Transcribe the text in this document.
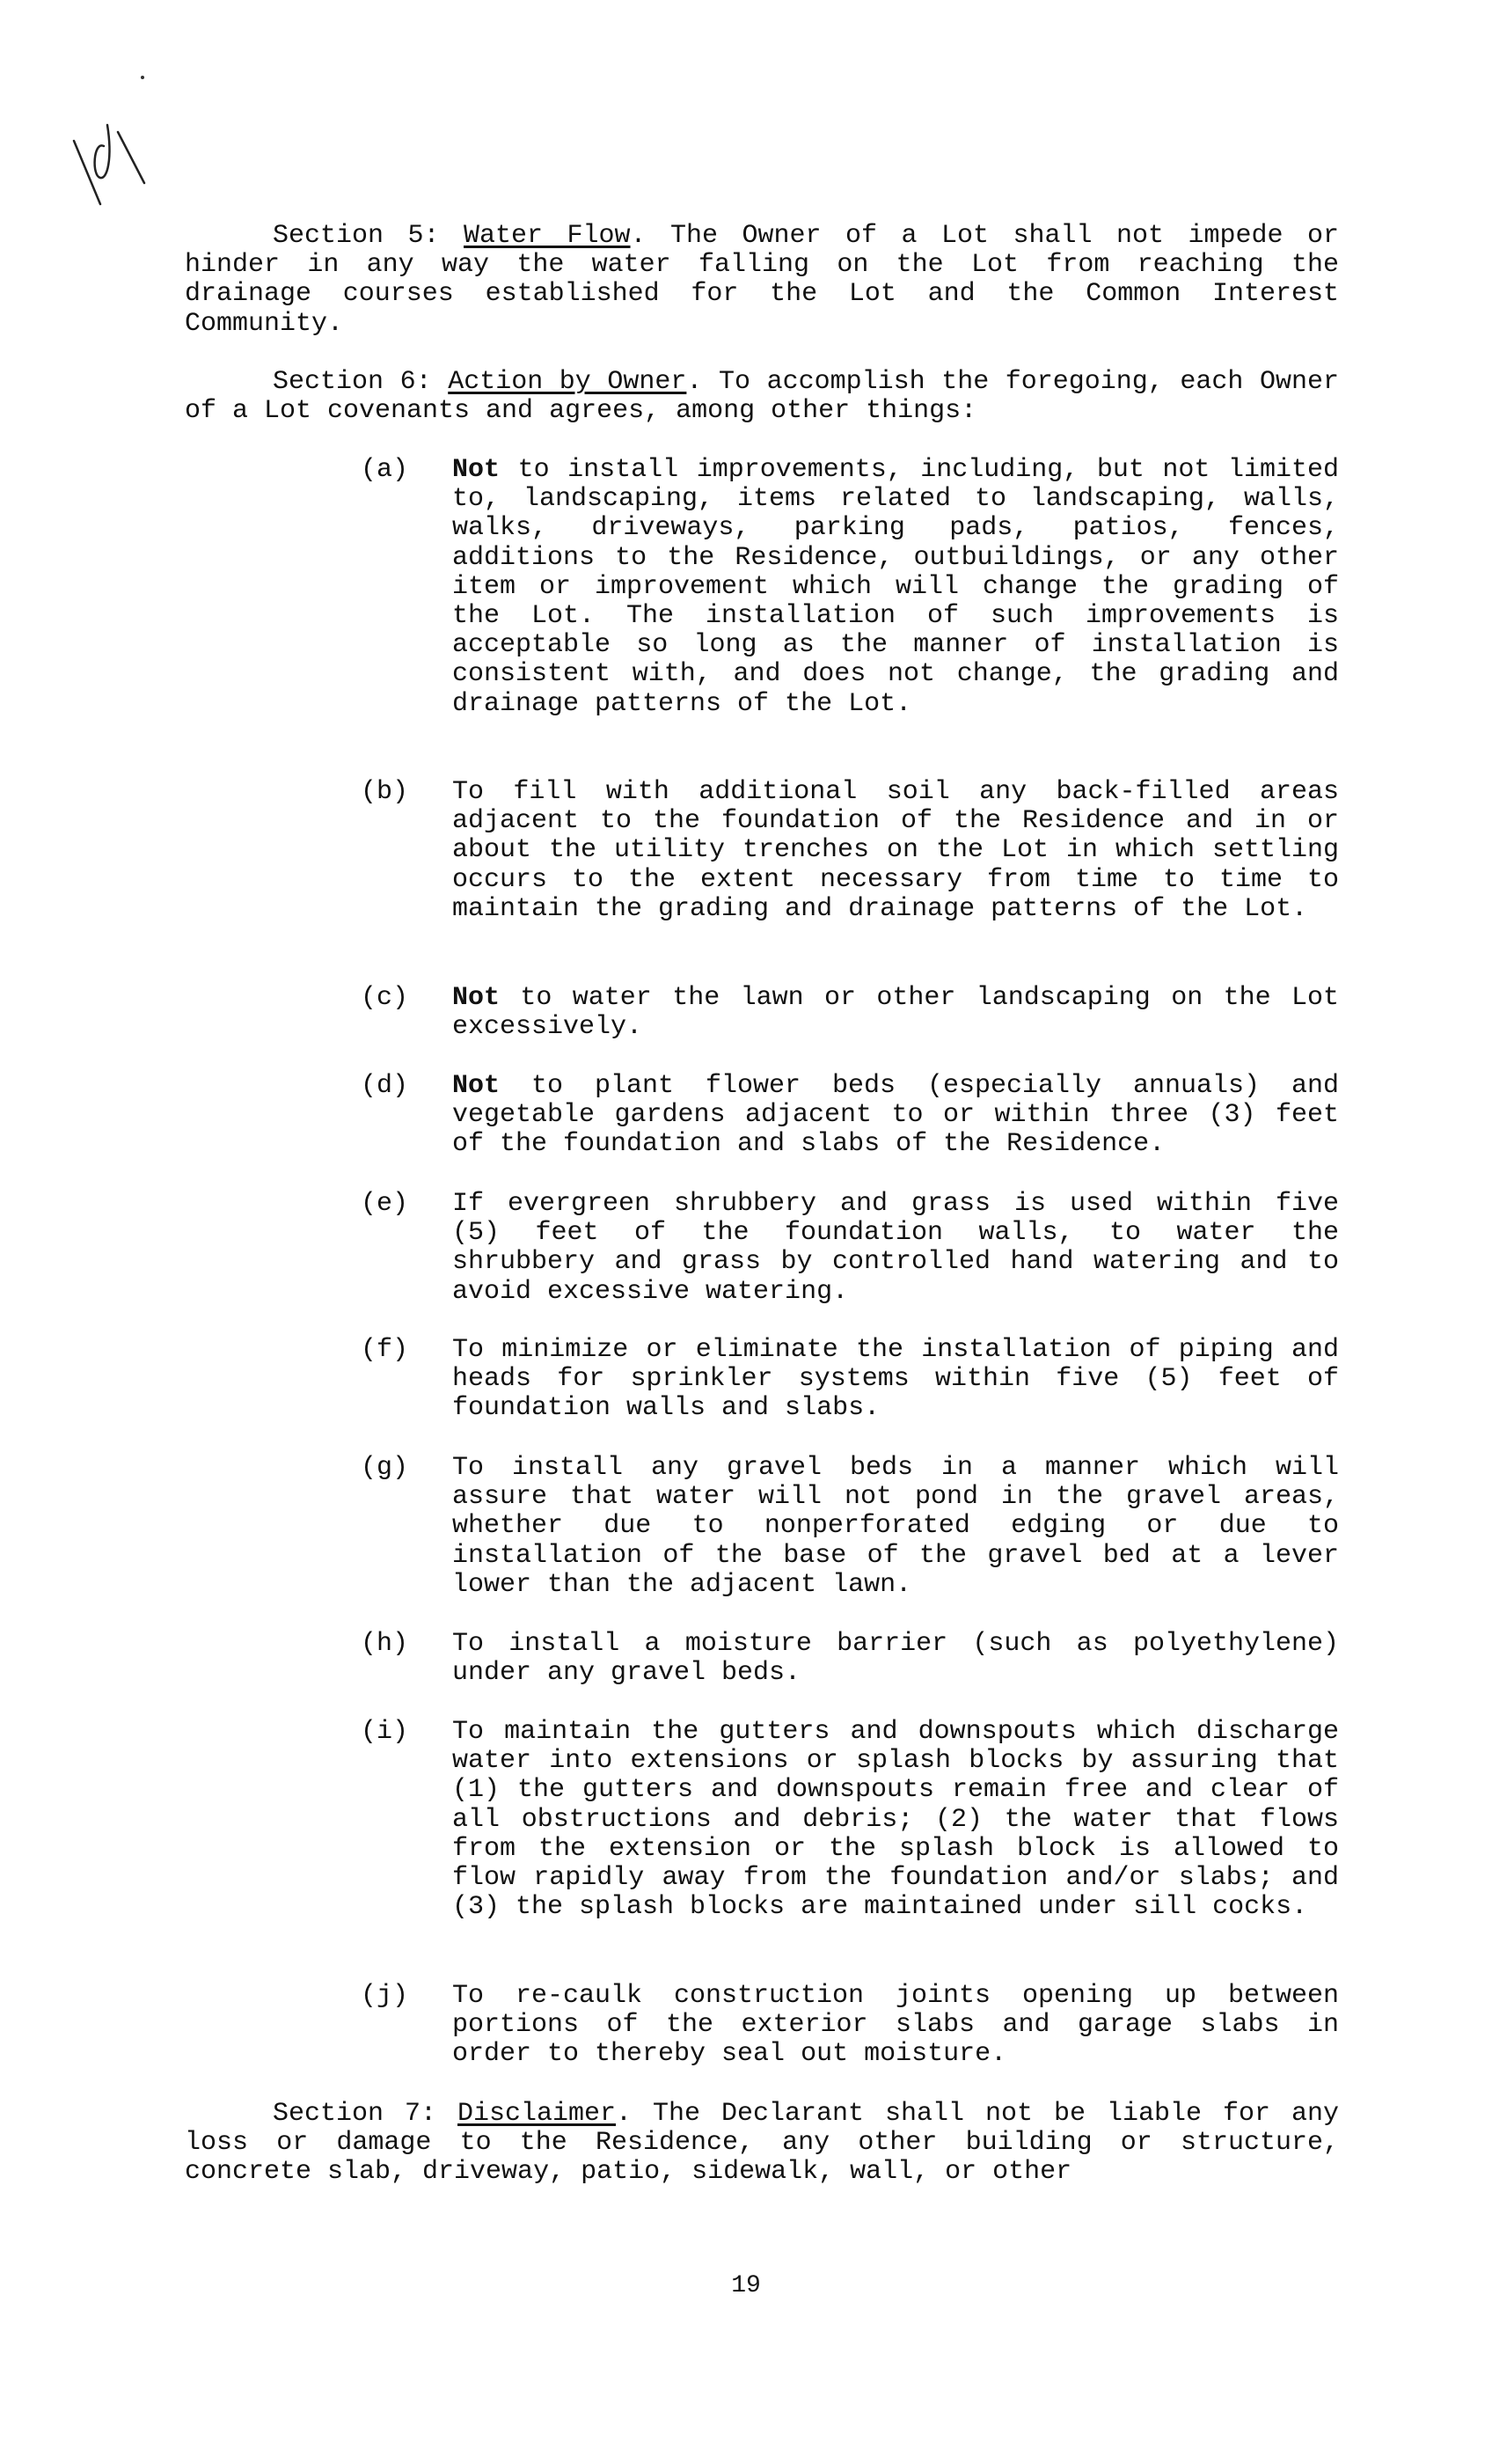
Section 5: Water Flow. The Owner of a Lot shall not impede or hinder in any way the water falling on the Lot from reaching the drainage courses established for the Lot and the Common Interest Community.

Section 6: Action by Owner. To accomplish the foregoing, each Owner of a Lot covenants and agrees, among other things:

(a)	Not to install improvements, including, but not limited to, landscaping, items related to landscaping, walls, walks, driveways, parking pads, patios, fences, additions to the Residence, outbuildings, or any other item or improvement which will change the grading of the Lot. The installation of such improvements is acceptable so long as the manner of installation is consistent with, and does not change, the grading and drainage patterns of the Lot.
(b)	To fill with additional soil any back-filled areas adjacent to the foundation of the Residence and in or about the utility trenches on the Lot in which settling occurs to the extent necessary from time to time to maintain the grading and drainage patterns of the Lot.
(c)	Not to water the lawn or other landscaping on the Lot excessively.
(d)	Not to plant flower beds (especially annuals) and vegetable gardens adjacent to or within three (3) feet of the foundation and slabs of the Residence.
(e)	If evergreen shrubbery and grass is used within five (5) feet of the foundation walls, to water the shrubbery and grass by controlled hand watering and to avoid excessive watering.
(f)	To minimize or eliminate the installation of piping and heads for sprinkler systems within five (5) feet of foundation walls and slabs.
(g)	To install any gravel beds in a manner which will assure that water will not pond in the gravel areas, whether due to nonperforated edging or due to installation of the base of the gravel bed at a lever lower than the adjacent lawn.
(h)	To install a moisture barrier (such as polyethylene) under any gravel beds.
(i)	To maintain the gutters and downspouts which discharge water into extensions or splash blocks by assuring that (1) the gutters and downspouts remain free and clear of all obstructions and debris; (2) the water that flows from the extension or the splash block is allowed to flow rapidly away from the foundation and/or slabs; and (3) the splash blocks are maintained under sill cocks.
(j)	To re-caulk construction joints opening up between portions of the exterior slabs and garage slabs in order to thereby seal out moisture.

Section 7: Disclaimer. The Declarant shall not be liable for any loss or damage to the Residence, any other building or structure, concrete slab, driveway, patio, sidewalk, wall, or other

19
